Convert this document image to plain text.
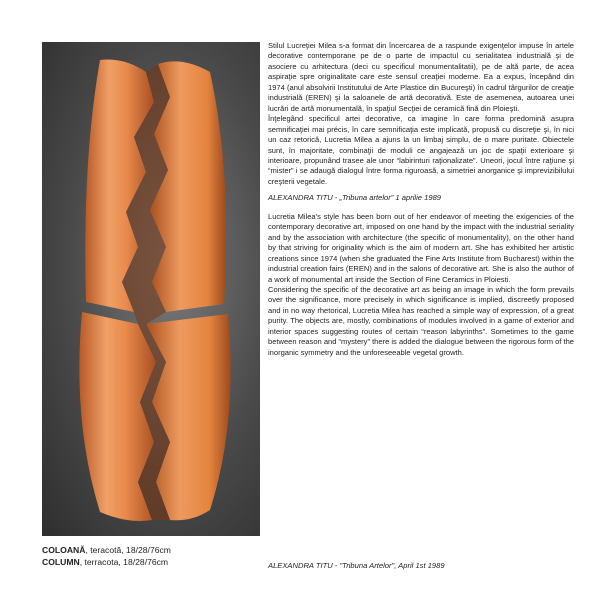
COLOANĂ, teracotă, 18/28/76cm
COLUMN, terracota, 18/28/76cm

Stilul Lucreţiei Milea s-a format din încercarea de a raspunde exigenţelor impuse în artele decorative contemporane pe de o parte de impactul cu serialitatea industrială şi de asociere cu arhitectura (deci cu specificul monumentalitatii), pe de altă parte, de acea aspiraţie spre originalitate care este sensul creaţiei moderne. Ea a expus, începând din 1974 (anul absolvirii Institutului de Arte Plastice din Bucureşti) în cadrul târgurilor de creaţie industrială (EREN) şi la saloanele de artă decorativă. Este de asemenea, autoarea unei lucrări de artă monumentală, în spaţiul Secţiei de ceramică fină din Ploieşti.

Înţelegând specificul artei decorative, ca imagine în care forma predomină asupra semnificaţiei mai précis, în care semnificaţia este implicată, propusă cu discreţie şi, în nici un caz retorică, Lucretia Milea a ajuns la un limbaj simplu, de o mare puritate. Obiectele sunt, în majoritate, combinaţii de moduli ce angajează un joc de spaţii exterioare şi interioare, propunând trasee ale unor “labirinturi raţionalizate”. Uneori, jocul între raţiune şi “mister” i se adaugă dialogul între forma riguroasă, a simetriei anorganice şi imprevizibilului creşterii vegetale.

ALEXANDRA TITU - „Tribuna artelor” 1 aprilie 1989

Lucretia Milea's style has been born out of her endeavor of meeting the exigencies of the contemporary decorative art, imposed on one hand by the impact with the industrial seriality and by the association with architecture (the specific of monumentality), on the other hand by that striving for originality which is the aim of modern art. She has exhibited her artistic creations since 1974 (when she graduated the Fine Arts Institute from Bucharest) within the industrial creation fairs (EREN) and in the salons of decorative art. She is also the author of a work of monumental art inside the Section of Fine Ceramics in Ploiesti.

Considering the specific of the decorative art as being an image in which the form prevails over the significance, more precisely in which significance is implied, discreetly proposed and in no way rhetorical, Lucretia Milea has reached a simple way of expression, of a great purity. The objects are, mostly, combinations of modules involved in a game of exterior and interior spaces suggesting routes of certain “reason labyrinths”. Sometimes to the game between reason and “mystery” there is added the dialogue between the rigorous form of the inorganic symmetry and the unforeseeable vegetal growth.

ALEXANDRA TITU - "Tribuna Artelor", April 1st 1989
